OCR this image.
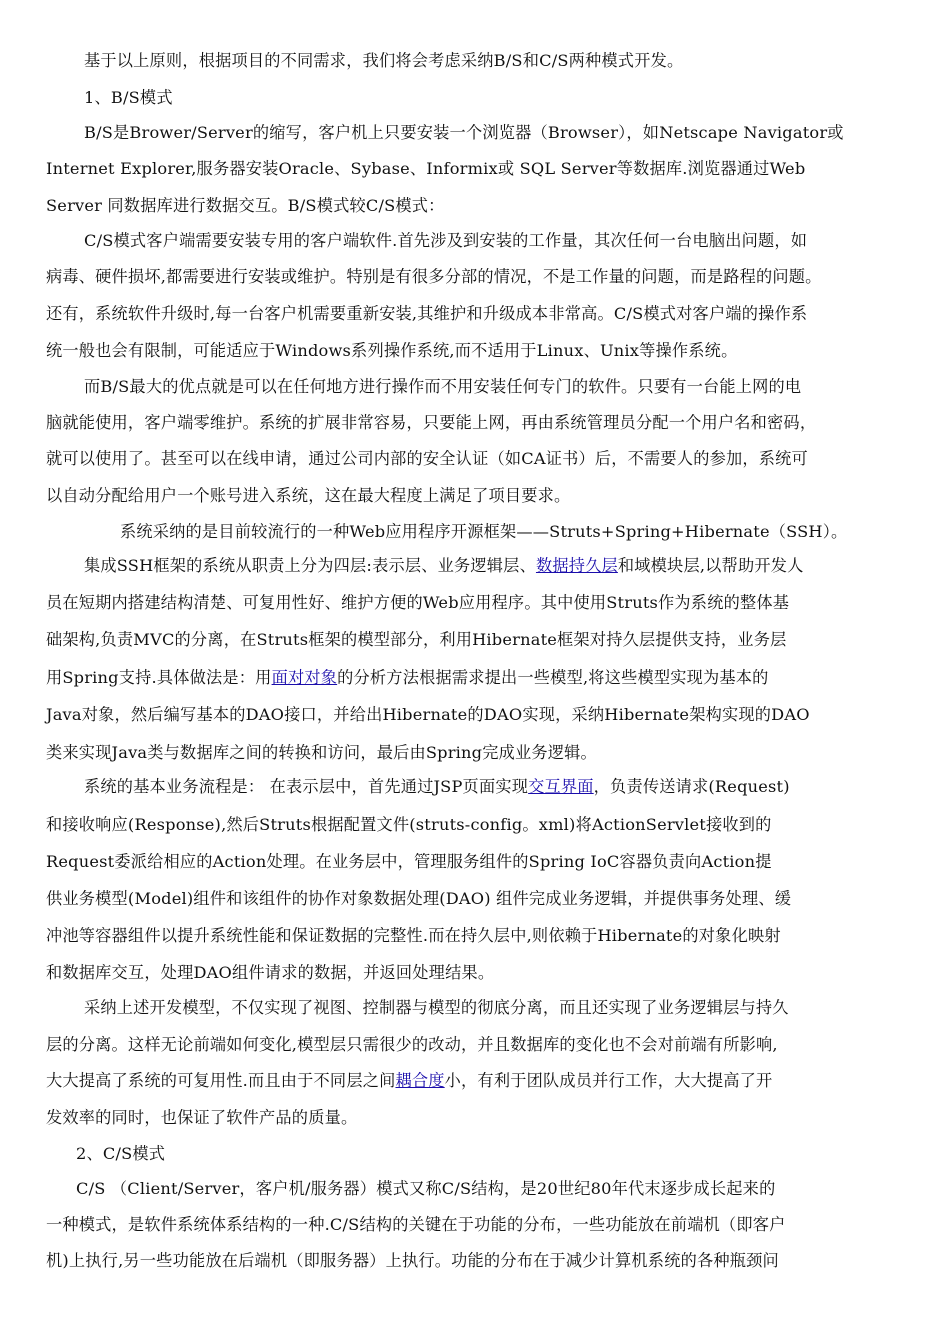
基于以上原则，根据项目的不同需求，我们将会考虑采纳B/S和C/S两种模式开发。
1、B/S模式
B/S是Brower/Server的缩写，客户机上只要安装一个浏览器（Browser），如Netscape Navigator或
Internet Explorer,服务器安装Oracle、Sybase、Informix或 SQL Server等数据库.浏览器通过Web
Server 同数据库进行数据交互。B/S模式较C/S模式：
C/S模式客户端需要安装专用的客户端软件.首先涉及到安装的工作量，其次任何一台电脑出问题，如
病毒、硬件损坏,都需要进行安装或维护。特别是有很多分部的情况，不是工作量的问题，而是路程的问题。
还有，系统软件升级时,每一台客户机需要重新安装,其维护和升级成本非常高。C/S模式对客户端的操作系
统一般也会有限制，可能适应于Windows系列操作系统,而不适用于Linux、Unix等操作系统。
而B/S最大的优点就是可以在任何地方进行操作而不用安装任何专门的软件。只要有一台能上网的电
脑就能使用，客户端零维护。系统的扩展非常容易，只要能上网，再由系统管理员分配一个用户名和密码，
就可以使用了。甚至可以在线申请，通过公司内部的安全认证（如CA证书）后，不需要人的参加，系统可
以自动分配给用户一个账号进入系统，这在最大程度上满足了项目要求。
系统采纳的是目前较流行的一种Web应用程序开源框架——Struts+Spring+Hibernate（SSH）。
集成SSH框架的系统从职责上分为四层:表示层、业务逻辑层、数据持久层和域模块层,以帮助开发人
员在短期内搭建结构清楚、可复用性好、维护方便的Web应用程序。其中使用Struts作为系统的整体基
础架构,负责MVC的分离，在Struts框架的模型部分，利用Hibernate框架对持久层提供支持，业务层
用Spring支持.具体做法是：用面对对象的分析方法根据需求提出一些模型,将这些模型实现为基本的
Java对象，然后编写基本的DAO接口，并给出Hibernate的DAO实现，采纳Hibernate架构实现的DAO
类来实现Java类与数据库之间的转换和访问，最后由Spring完成业务逻辑。
系统的基本业务流程是： 在表示层中，首先通过JSP页面实现交互界面，负责传送请求(Request)
和接收响应(Response),然后Struts根据配置文件(struts-config。xml)将ActionServlet接收到的
Request委派给相应的Action处理。在业务层中，管理服务组件的Spring IoC容器负责向Action提
供业务模型(Model)组件和该组件的协作对象数据处理(DAO) 组件完成业务逻辑，并提供事务处理、缓
冲池等容器组件以提升系统性能和保证数据的完整性.而在持久层中,则依赖于Hibernate的对象化映射
和数据库交互，处理DAO组件请求的数据，并返回处理结果。
采纳上述开发模型，不仅实现了视图、控制器与模型的彻底分离，而且还实现了业务逻辑层与持久
层的分离。这样无论前端如何变化,模型层只需很少的改动，并且数据库的变化也不会对前端有所影响,
大大提高了系统的可复用性.而且由于不同层之间耦合度小，有利于团队成员并行工作，大大提高了开
发效率的同时，也保证了软件产品的质量。
2、C/S模式
C/S （Client/Server，客户机/服务器）模式又称C/S结构，是20世纪80年代末逐步成长起来的
一种模式，是软件系统体系结构的一种.C/S结构的关键在于功能的分布，一些功能放在前端机（即客户
机)上执行,另一些功能放在后端机（即服务器）上执行。功能的分布在于减少计算机系统的各种瓶颈问
